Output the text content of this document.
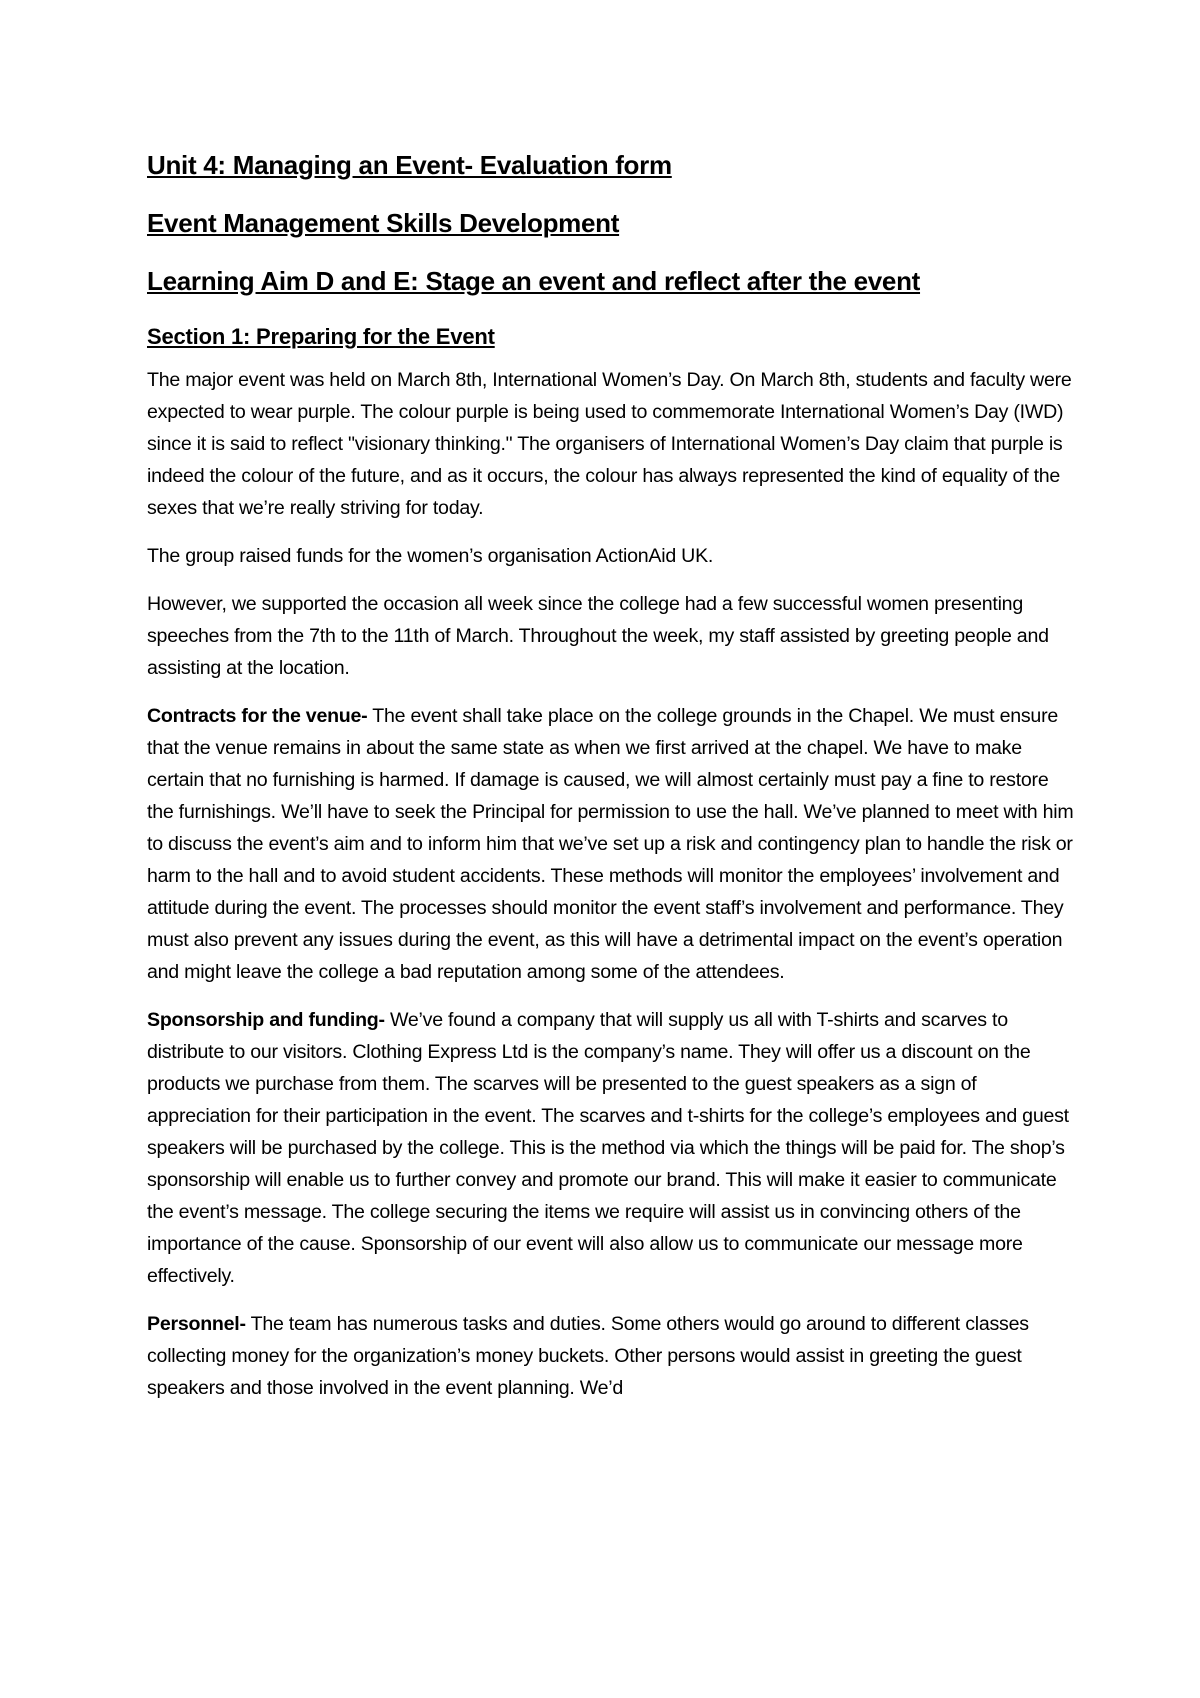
Unit 4: Managing an Event- Evaluation form
Event Management Skills Development
Learning Aim D and E: Stage an event and reflect after the event
Section 1: Preparing for the Event

The major event was held on March 8th, International Women’s Day. On March 8th, students and faculty were expected to wear purple. The colour purple is being used to commemorate International Women’s Day (IWD) since it is said to reflect "visionary thinking." The organisers of International Women’s Day claim that purple is indeed the colour of the future, and as it occurs, the colour has always represented the kind of equality of the sexes that we’re really striving for today.

The group raised funds for the women’s organisation ActionAid UK.

However, we supported the occasion all week since the college had a few successful women presenting speeches from the 7th to the 11th of March. Throughout the week, my staff assisted by greeting people and assisting at the location.

Contracts for the venue- The event shall take place on the college grounds in the Chapel. We must ensure that the venue remains in about the same state as when we first arrived at the chapel. We have to make certain that no furnishing is harmed. If damage is caused, we will almost certainly must pay a fine to restore the furnishings. We’ll have to seek the Principal for permission to use the hall. We’ve planned to meet with him to discuss the event’s aim and to inform him that we’ve set up a risk and contingency plan to handle the risk or harm to the hall and to avoid student accidents. These methods will monitor the employees’ involvement and attitude during the event. The processes should monitor the event staff’s involvement and performance. They must also prevent any issues during the event, as this will have a detrimental impact on the event’s operation and might leave the college a bad reputation among some of the attendees.

Sponsorship and funding- We’ve found a company that will supply us all with T-shirts and scarves to distribute to our visitors. Clothing Express Ltd is the company’s name. They will offer us a discount on the products we purchase from them. The scarves will be presented to the guest speakers as a sign of appreciation for their participation in the event. The scarves and t-shirts for the college’s employees and guest speakers will be purchased by the college. This is the method via which the things will be paid for. The shop’s sponsorship will enable us to further convey and promote our brand. This will make it easier to communicate the event’s message. The college securing the items we require will assist us in convincing others of the importance of the cause. Sponsorship of our event will also allow us to communicate our message more effectively.

Personnel- The team has numerous tasks and duties. Some others would go around to different classes collecting money for the organization’s money buckets. Other persons would assist in greeting the guest speakers and those involved in the event planning. We’d
